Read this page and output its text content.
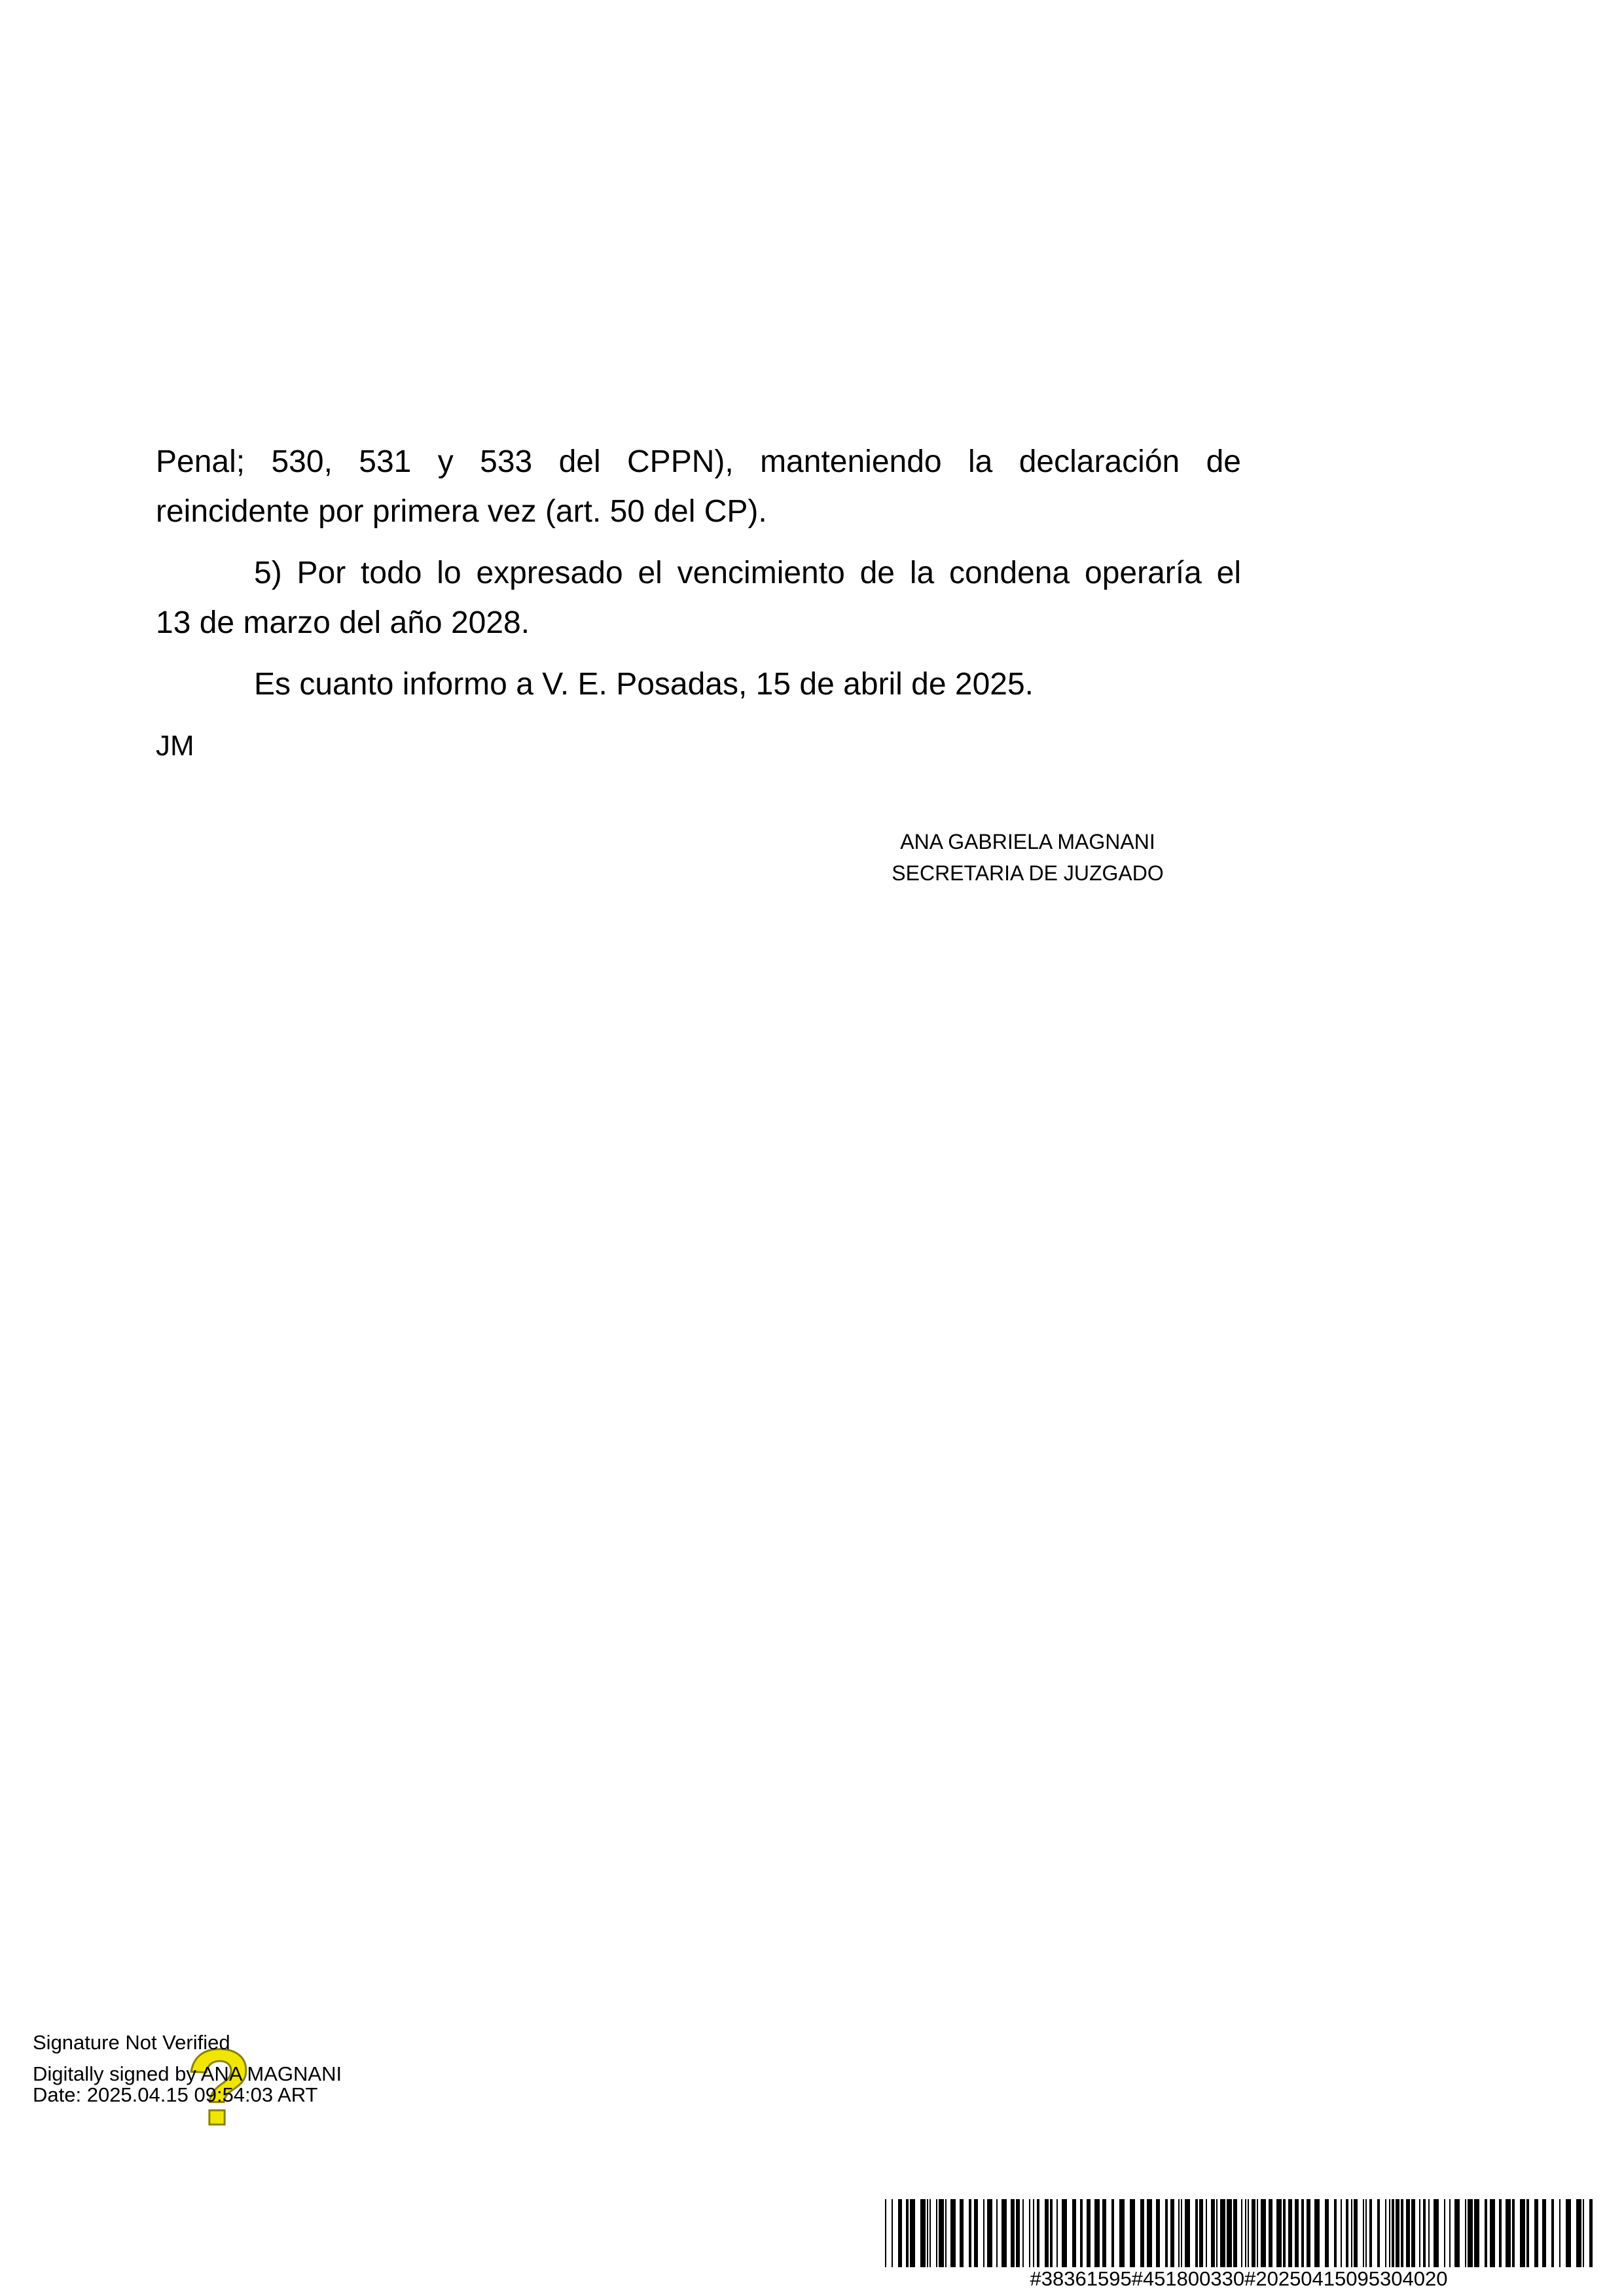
Penal; 530, 531 y 533 del CPPN), manteniendo la declaración de
reincidente por primera vez (art. 50 del CP).

5) Por todo lo expresado el vencimiento de la condena operaría el
13 de marzo del año 2028.

Es cuanto informo a V. E. Posadas, 15 de abril de 2025.

JM

ANA GABRIELA MAGNANI
SECRETARIA DE JUZGADO
?
Signature Not Verified
Digitally signed by ANA MAGNANI
Date: 2025.04.15 09:54:03 ART
#38361595#451800330#20250415095304020
